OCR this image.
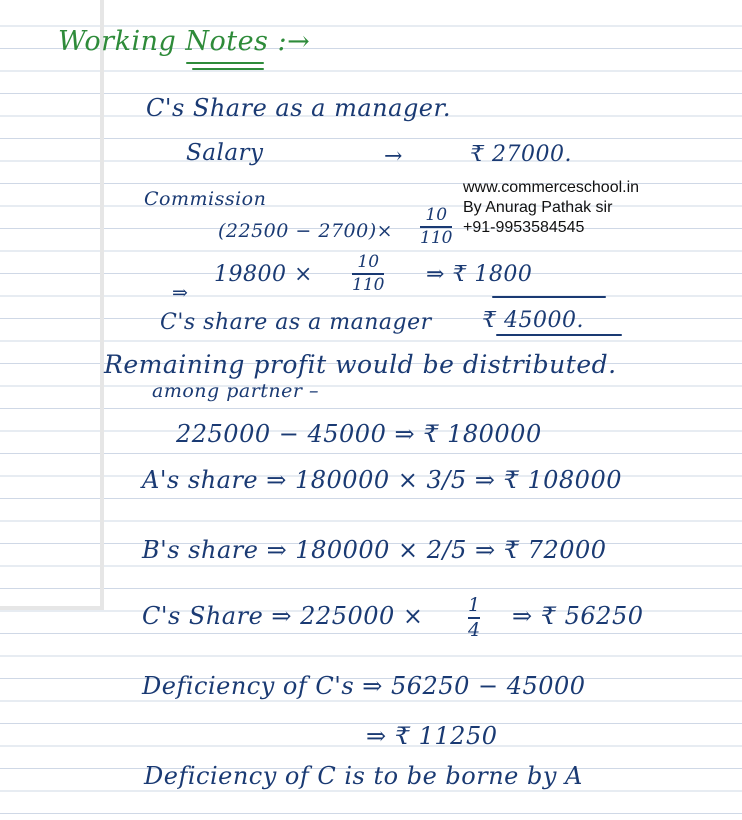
Working Notes :→
C's Share as a manager.
Salary	→	₹ 27000.
Commission
(22500 − 2700)×
10
110
⇒
19800 ×	10
110 ⇒ ₹ 1800
C's share as a manager ₹ 45000.
Remaining profit would be distributed.
among partner –
225000 − 45000 ⇒ ₹ 180000
A's share ⇒ 180000 × 3/5 ⇒ ₹ 108000
B's share ⇒ 180000 × 2/5 ⇒ ₹ 72000
C's Share ⇒ 225000 × 1
4 ⇒ ₹ 56250
Deficiency of C's ⇒ 56250 − 45000
⇒ ₹ 11250
Deficiency of C is to be borne by A
www.commerceschool.in
By Anurag Pathak sir
+91-9953584545
